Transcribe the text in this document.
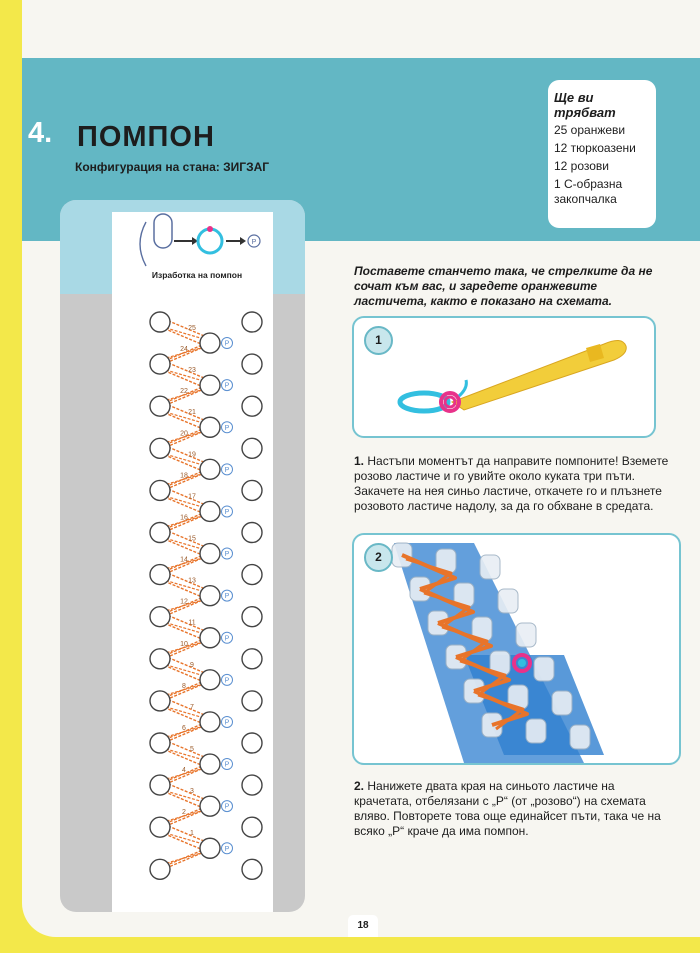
4. ПОМПОН
Конфигурация на стана: ЗИГЗАГ
Ще ви трябват
25 оранжеви
12 тюркоазени
12 розови
1 С-образна закопчалка
P
Изработка на помпон
P
P
P
P
P
P
P
P
P
P
P
P
P
25
24
23
22
21
20
19
18
17
16
15
14
13
12
11
10
9
8
7
6
5
4
3
2
1
Поставете станчето така, че стрелките да не сочат към вас, и заредете оранжевите ластичета, както е показано на схемата.
1
1. Настъпи моментът да направите помпоните! Вземете розово ластиче и го увийте около куката три пъти. Закачете на нея синьо ластиче, откачете го и плъзнете розовото ластиче надолу, за да го обхване в средата.
2
2. Нанижете двата края на синьото ластиче на крачетата, отбелязани с „P“ (от „розово“) на схемата вляво. Повторете това още единайсет пъти, така че на всяко „P“ краче да има помпон.
18
